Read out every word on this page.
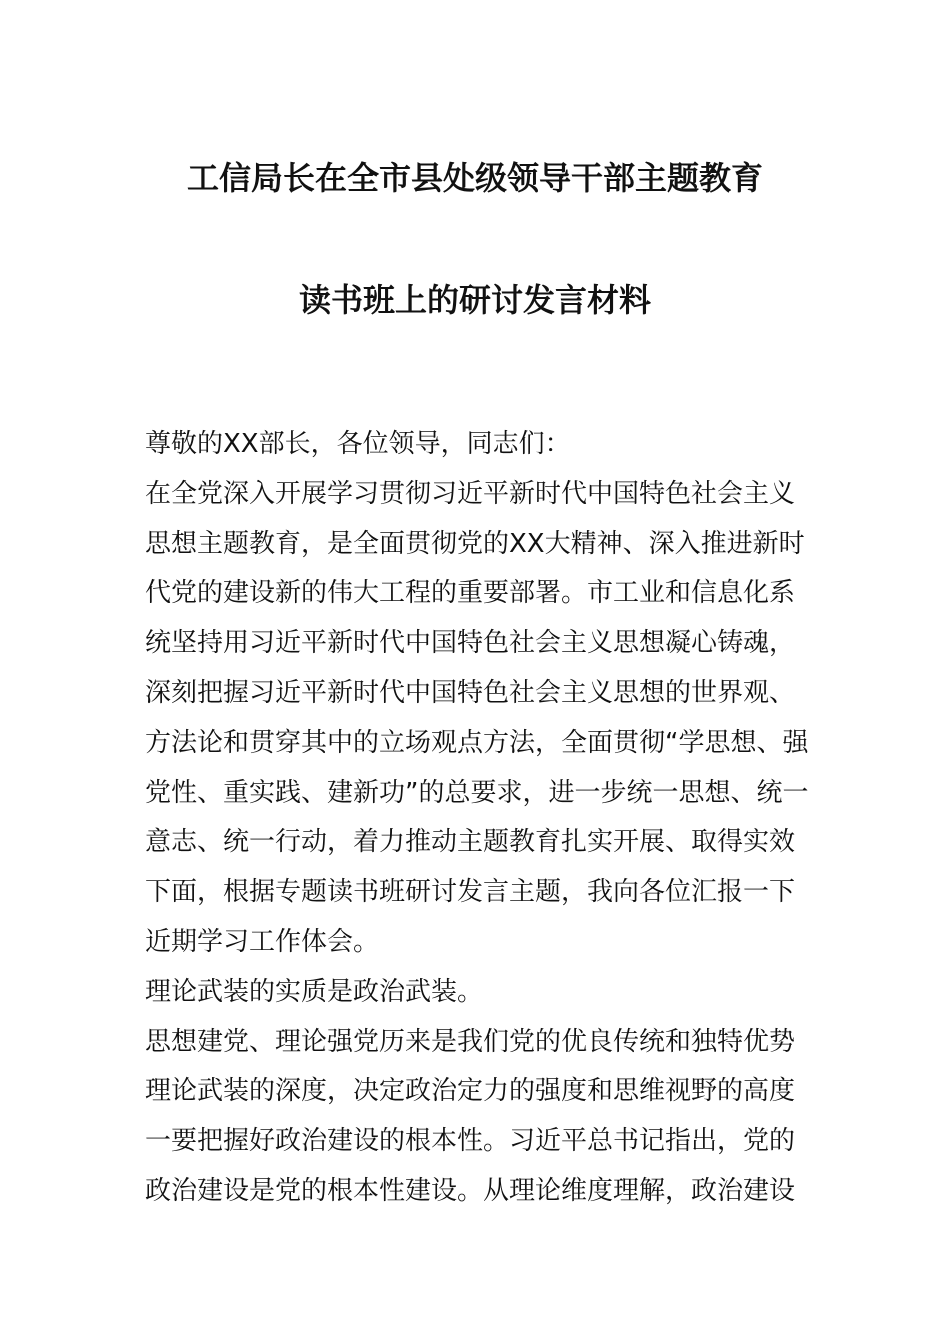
工信局长在全市县处级领导干部主题教育
读书班上的研讨发言材料
尊敬的XX部长，各位领导，同志们：
在全党深入开展学习贯彻习近平新时代中国特色社会主义
思想主题教育，是全面贯彻党的XX大精神、深入推进新时
代党的建设新的伟大工程的重要部署。市工业和信息化系
统坚持用习近平新时代中国特色社会主义思想凝心铸魂，
深刻把握习近平新时代中国特色社会主义思想的世界观、
方法论和贯穿其中的立场观点方法，全面贯彻“学思想、强
党性、重实践、建新功”的总要求，进一步统一思想、统一
意志、统一行动，着力推动主题教育扎实开展、取得实效
下面，根据专题读书班研讨发言主题，我向各位汇报一下
近期学习工作体会。
理论武装的实质是政治武装。
思想建党、理论强党历来是我们党的优良传统和独特优势
理论武装的深度，决定政治定力的强度和思维视野的高度
一要把握好政治建设的根本性。习近平总书记指出，党的
政治建设是党的根本性建设。从理论维度理解，政治建设
